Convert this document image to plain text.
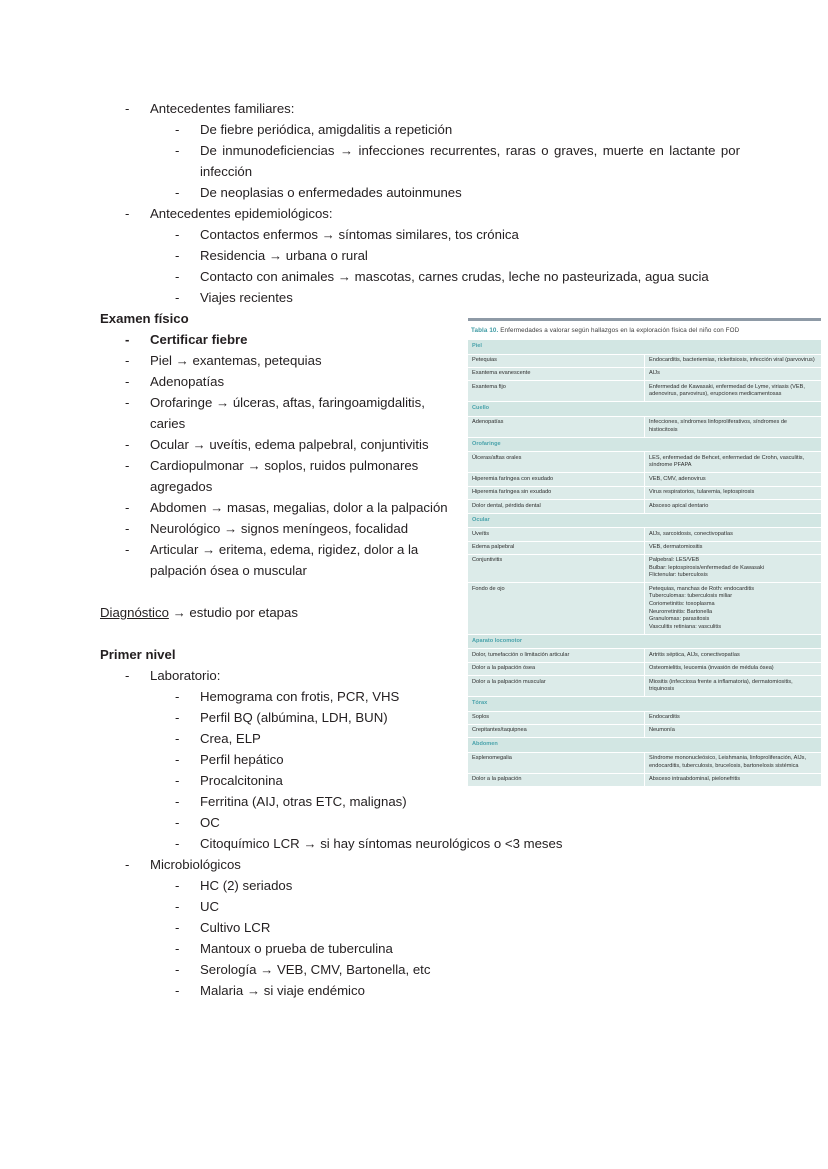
-	Antecedentes familiares:
-	De fiebre periódica, amigdalitis a repetición
-	De inmunodeficiencias → infecciones recurrentes, raras o graves, muerte en lactante por infección
-	De neoplasias o enfermedades autoinmunes
-	Antecedentes epidemiológicos:
-	Contactos enfermos → síntomas similares, tos crónica
-	Residencia → urbana o rural
-	Contacto con animales → mascotas, carnes crudas, leche no pasteurizada, agua sucia
-	Viajes recientes
Examen físico
-	Certificar fiebre
-	Piel → exantemas, petequias
-	Adenopatías
-	Orofaringe → úlceras, aftas, faringoamigdalitis, caries
-	Ocular → uveítis, edema palpebral, conjuntivitis
-	Cardiopulmonar → soplos, ruidos pulmonares agregados
-	Abdomen → masas, megalias, dolor a la palpación
-	Neurológico → signos meníngeos, focalidad
-	Articular → eritema, edema, rigidez, dolor a la palpación ósea o muscular
Diagnóstico → estudio por etapas
Primer nivel
-	Laboratorio:
-	Hemograma con frotis, PCR, VHS
-	Perfil BQ (albúmina, LDH, BUN)
-	Crea, ELP
-	Perfil hepático
-	Procalcitonina
-	Ferritina (AIJ, otras ETC, malignas)
-	OC
-	Citoquímico LCR → si hay síntomas neurológicos o <3 meses
-	Microbiológicos
-	HC (2) seriados
-	UC
-	Cultivo LCR
-	Mantoux o prueba de tuberculina
-	Serología → VEB, CMV, Bartonella, etc
-	Malaria → si viaje endémico
Tabla 10. Enfermedades a valorar según hallazgos en la exploración física del niño con FOD
Piel	
Petequias	Endocarditis, bacteriemias, rickettsiosis, infección viral (parvovirus)
Exantema evanescente	AIJs
Exantema fijo	Enfermedad de Kawasaki, enfermedad de Lyme, viriasis (VEB, adenovirus, parvovirus), erupciones medicamentosas
Cuello	
Adenopatías	Infecciones, síndromes linfoproliferativos, síndromes de histiocitosis
Orofaringe	
Úlceras/aftas orales	LES, enfermedad de Behcet, enfermedad de Crohn, vasculitis, síndrome PFAPA
Hiperemia faríngea con exudado	VEB, CMV, adenovirus
Hiperemia faríngea sin exudado	Virus respiratorios, tularemia, leptospirosis
Dolor dental, pérdida dental	Absceso apical dentario
Ocular	
Uveítis	AIJs, sarcoidosis, conectivopatías
Edema palpebral	VEB, dermatomiositis
Conjuntivitis	Palpebral: LES/VEB
Bulbar: leptospirosis/enfermedad de Kawasaki
Flictenular: tuberculosis

Fondo de ojo	Petequias, manchas de Roth: endocarditis
Tuberculomas: tuberculosis miliar
Coriometinitis: toxoplasma
Neurorretinitis: Bartonella
Granulomas: parasitosis
Vasculitis retiniana: vasculitis

Aparato locomotor	
Dolor, tumefacción o limitación articular	Artritis séptica, AIJs, conectivopatías
Dolor a la palpación ósea	Osteomielitis, leucemia (invasión de médula ósea)
Dolor a la palpación muscular	Miositis (infecciosa frente a inflamatoria), dermatomiositis, triquinosis
Tórax	
Soplos	Endocarditis
Crepitantes/taquipnea	Neumonía
Abdomen	
Esplenomegalia	Síndrome mononucleósico, Leishmania, linfoproliferación, AIJs, endocarditis, tuberculosis, brucelosis, bartonelosis sistémica
Dolor a la palpación	Absceso intraabdominal, pielonefritis
